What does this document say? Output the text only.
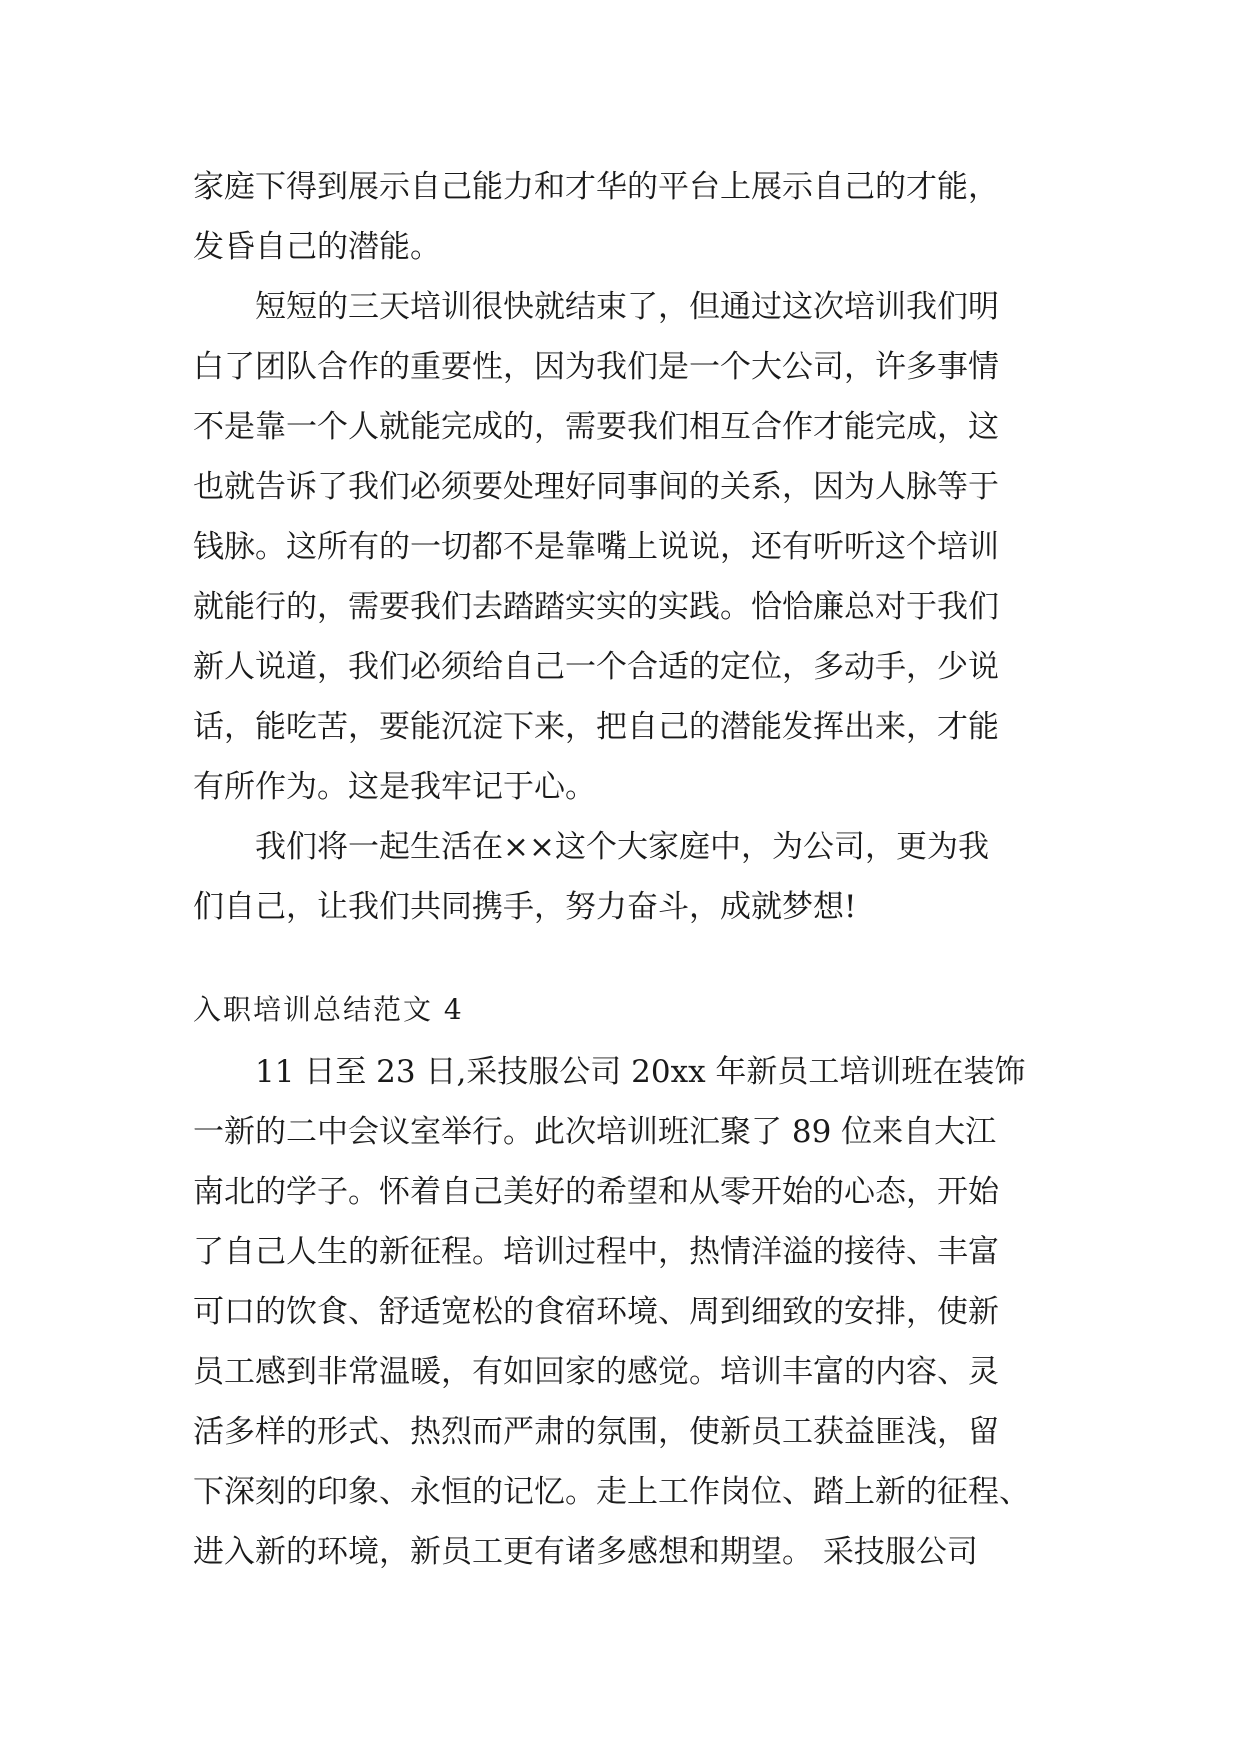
家庭下得到展示自己能力和才华的平台上展示自己的才能，
发昏自己的潜能。
短短的三天培训很快就结束了，但通过这次培训我们明
白了团队合作的重要性，因为我们是一个大公司，许多事情
不是靠一个人就能完成的，需要我们相互合作才能完成，这
也就告诉了我们必须要处理好同事间的关系，因为人脉等于
钱脉。这所有的一切都不是靠嘴上说说，还有听听这个培训
就能行的，需要我们去踏踏实实的实践。恰恰廉总对于我们
新人说道，我们必须给自己一个合适的定位，多动手，少说
话，能吃苦，要能沉淀下来，把自己的潜能发挥出来，才能
有所作为。这是我牢记于心。
我们将一起生活在××这个大家庭中，为公司，更为我
们自己，让我们共同携手，努力奋斗，成就梦想!
入职培训总结范文 4
11 日至 23 日,采技服公司 20xx 年新员工培训班在装饰
一新的二中会议室举行。此次培训班汇聚了 89 位来自大江
南北的学子。怀着自己美好的希望和从零开始的心态，开始
了自己人生的新征程。培训过程中，热情洋溢的接待、丰富
可口的饮食、舒适宽松的食宿环境、周到细致的安排，使新
员工感到非常温暖，有如回家的感觉。培训丰富的内容、灵
活多样的形式、热烈而严肃的氛围，使新员工获益匪浅，留
下深刻的印象、永恒的记忆。走上工作岗位、踏上新的征程、
进入新的环境，新员工更有诸多感想和期望。 采技服公司
